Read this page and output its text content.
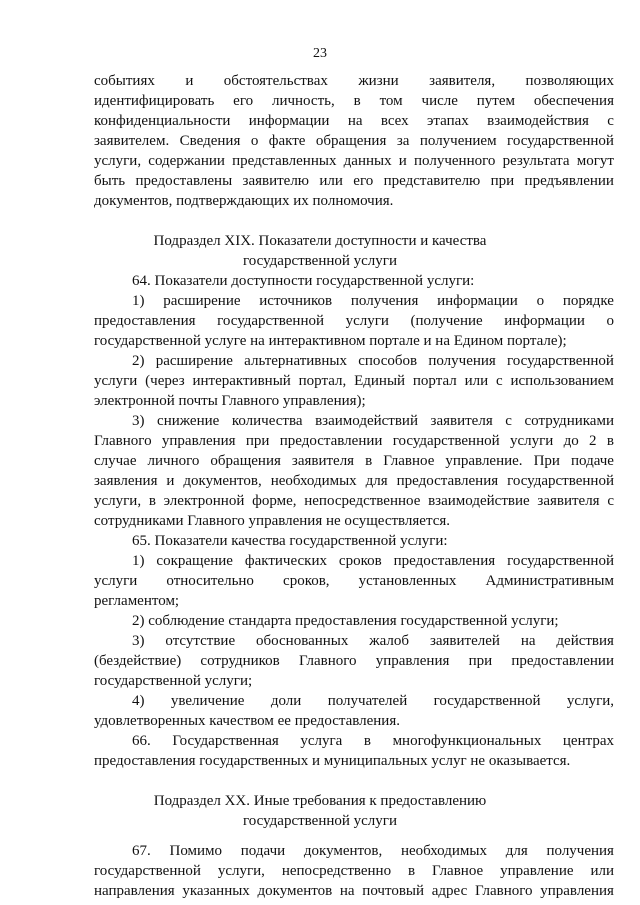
23
событиях и обстоятельствах жизни заявителя, позволяющих
идентифицировать его личность, в том числе путем обеспечения
конфиденциальности информации на всех этапах взаимодействия с
заявителем. Сведения о факте обращения за получением государственной
услуги, содержании представленных данных и полученного результата могут
быть предоставлены заявителю или его представителю при предъявлении
документов, подтверждающих их полномочия.
Подраздел XIX. Показатели доступности и качества
государственной услуги
64. Показатели доступности государственной услуги:
1) расширение источников получения информации о порядке
предоставления государственной услуги (получение информации о
государственной услуге на интерактивном портале и на Едином портале);
2) расширение альтернативных способов получения государственной
услуги (через интерактивный портал, Единый портал или с использованием
электронной почты Главного управления);
3) снижение количества взаимодействий заявителя с сотрудниками
Главного управления при предоставлении государственной услуги до 2 в
случае личного обращения заявителя в Главное управление. При подаче
заявления и документов, необходимых для предоставления государственной
услуги, в электронной форме, непосредственное взаимодействие заявителя с
сотрудниками Главного управления не осуществляется.
65. Показатели качества государственной услуги:
1) сокращение фактических сроков предоставления государственной
услуги относительно сроков, установленных Административным
регламентом;
2) соблюдение стандарта предоставления государственной услуги;
3) отсутствие обоснованных жалоб заявителей на действия
(бездействие) сотрудников Главного управления при предоставлении
государственной услуги;
4) увеличение доли получателей государственной услуги,
удовлетворенных качеством ее предоставления.
66. Государственная услуга в многофункциональных центрах
предоставления государственных и муниципальных услуг не оказывается.
Подраздел XX. Иные требования к предоставлению
государственной услуги
67. Помимо подачи документов, необходимых для получения
государственной услуги, непосредственно в Главное управление или
направления указанных документов на почтовый адрес Главного управления
